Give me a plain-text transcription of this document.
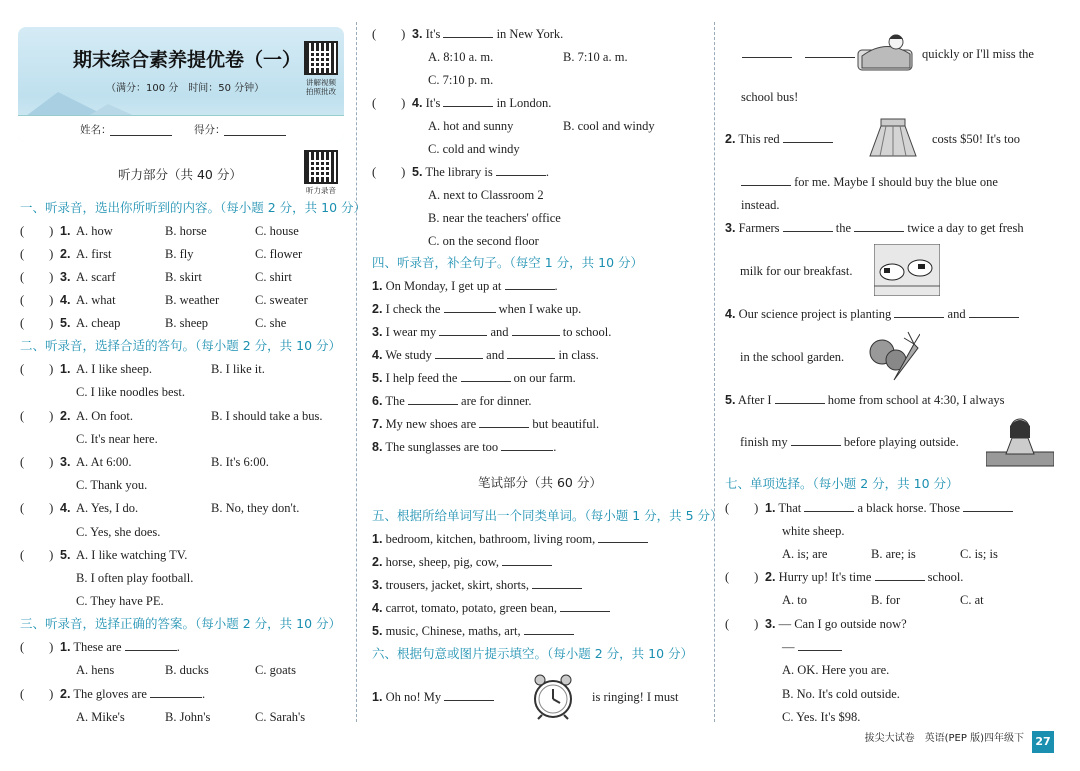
期末综合素养提优卷（一）
（满分：100 分　时间：50 分钟）
讲解视频
拍照批改
姓名：	得分：
听力部分（共 40 分）
听力录音
一、听录音，选出你所听到的内容。（每小题 2 分，共 10 分）
(　　) 1. A. how	B. horse	C. house
(　　) 2. A. first	B. fly	C. flower
(　　) 3. A. scarf	B. skirt	C. shirt
(　　) 4. A. what	B. weather	C. sweater
(　　) 5. A. cheap	B. sheep	C. she
二、听录音，选择合适的答句。（每小题 2 分，共 10 分）
(　　) 1. A. I like sheep.	B. I like it.
C. I like noodles best.
(　　) 2. A. On foot.	B. I should take a bus.
C. It's near here.
(　　) 3. A. At 6:00.	B. It's 6:00.
C. Thank you.
(　　) 4. A. Yes, I do.	B. No, they don't.
C. Yes, she does.
(　　) 5. A. I like watching TV.
B. I often play football.
C. They have PE.
三、听录音，选择正确的答案。（每小题 2 分，共 10 分）
(　　) 1. These are	.
A. hens	B. ducks	C. goats
(　　) 2. The gloves are	.
A. Mike's	B. John's	C. Sarah's
(　　) 3. It's	in New York.
A. 8:10 a. m.	B. 7:10 a. m.
C. 7:10 p. m.
(　　) 4. It's	in London.
A. hot and sunny	B. cool and windy
C. cold and windy
(　　) 5. The library is	.
A. next to Classroom 2
B. near the teachers' office
C. on the second floor
四、听录音，补全句子。（每空 1 分，共 10 分）
1. On Monday, I get up at	.
2. I check the	when I wake up.
3. I wear my	and	to school.
4. We study	and	in class.
5. I help feed the	on our farm.
6. The	are for dinner.
7. My new shoes are	but beautiful.
8. The sunglasses are too	.
五、根据所给单词写出一个同类单词。（每小题 1 分，共 5 分）
1. bedroom, kitchen, bathroom, living room,
2. horse, sheep, pig, cow,
3. trousers, jacket, skirt, shorts,
4. carrot, tomato, potato, green bean,
5. music, Chinese, maths, art,
六、根据句意或图片提示填空。（每小题 2 分，共 10 分）
1. Oh no! My	is ringing! I must
笔试部分（共 60 分）

quickly or I'll miss the
school bus!
2. This red	costs $50! It's too
for me. Maybe I should buy the blue one
instead.
3. Farmers	the	twice a day to get fresh
milk for our breakfast.
4. Our science project is planting	and
in the school garden.
5. After I	home from school at 4:30, I always
finish my	before playing outside.
七、单项选择。（每小题 2 分，共 10 分）
(　　) 1. That	a black horse. Those
white sheep.
A. is; are	B. are; is	C. is; is
(　　) 2. Hurry up! It's time	school.
A. to	B. for	C. at
(　　) 3. — Can I go outside now?
—
A. OK. Here you are.
B. No. It's cold outside.
C. Yes. It's $98.
拔尖大试卷　英语(PEP 版)四年级下	27
